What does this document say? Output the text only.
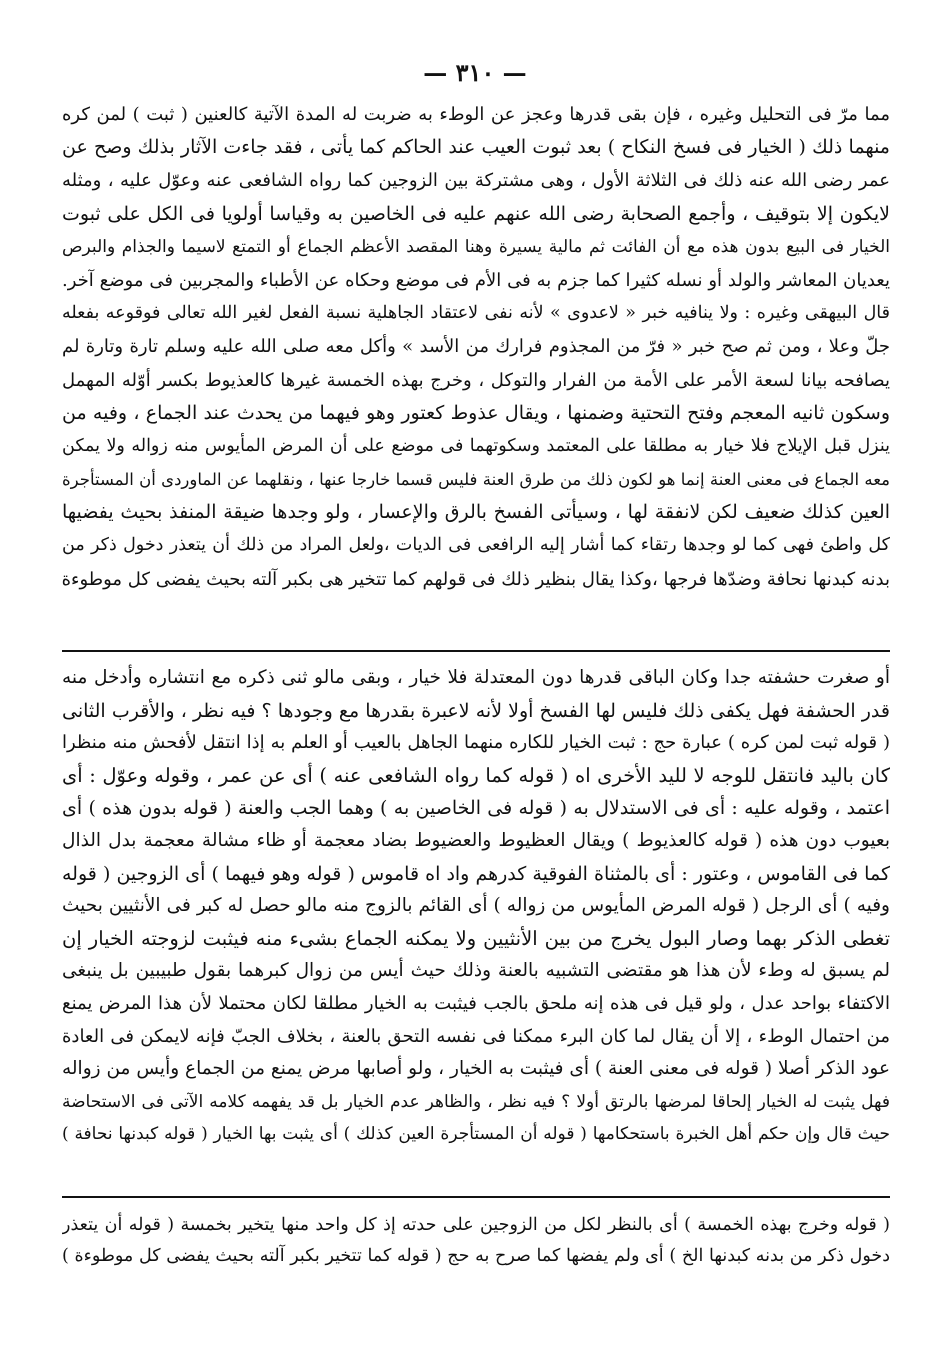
— ٣١٠ —
مما مرّ فى التحليل وغيره ، فإن بقى قدرها وعجز عن الوطء به ضربت له المدة الآتية كالعنين ( ثبت ) لمن كره
منهما ذلك ( الخيار فى فسخ النكاح ) بعد ثبوت العيب عند الحاكم كما يأتى ، فقد جاءت الآثار بذلك وصح عن
عمر رضى الله عنه ذلك فى الثلاثة الأول ، وهى مشتركة بين الزوجين كما رواه الشافعى عنه وعوّل عليه ، ومثله
لايكون إلا بتوقيف ، وأجمع الصحابة رضى الله عنهم عليه فى الخاصين به وقياسا أولويا فى الكل على ثبوت
الخيار فى البيع بدون هذه مع أن الفائت ثم مالية يسيرة وهنا المقصد الأعظم الجماع أو التمتع لاسيما والجذام والبرص
يعديان المعاشر والولد أو نسله كثيرا كما جزم به فى الأم فى موضع وحكاه عن الأطباء والمجربين فى موضع آخر.
قال البيهقى وغيره : ولا ينافيه خبر « لاعدوى » لأنه نفى لاعتقاد الجاهلية نسبة الفعل لغير الله تعالى فوقوعه بفعله
جلّ وعلا ، ومن ثم صح خبر « فرّ من المجذوم فرارك من الأسد » وأكل معه صلى الله عليه وسلم تارة وتارة لم
يصافحه بيانا لسعة الأمر على الأمة من الفرار والتوكل ، وخرج بهذه الخمسة غيرها كالعذيوط بكسر أوّله المهمل
وسكون ثانيه المعجم وفتح التحتية وضمنها ، ويقال عذوط كعتور وهو فيهما من يحدث عند الجماع ، وفيه من
ينزل قبل الإيلاج فلا خيار به مطلقا على المعتمد وسكوتهما فى موضع على أن المرض المأيوس منه زواله ولا يمكن
معه الجماع فى معنى العنة إنما هو لكون ذلك من طرق العنة فليس قسما خارجا عنها ، ونقلهما عن الماوردى أن المستأجرة
العين كذلك ضعيف لكن لانفقة لها ، وسيأتى الفسخ بالرق والإعسار ، ولو وجدها ضيقة المنفذ بحيث يفضيها
كل واطئ فهى كما لو وجدها رتقاء كما أشار إليه الرافعى فى الديات ،ولعل المراد من ذلك أن يتعذر دخول ذكر من
بدنه كبدنها نحافة وضدّها فرجها ،وكذا يقال بنظير ذلك فى قولهم كما تتخير هى بكبر آلته بحيث يفضى كل موطوءة
أو صغرت حشفته جدا وكان الباقى قدرها دون المعتدلة فلا خيار ، وبقى مالو ثنى ذكره مع انتشاره وأدخل منه
قدر الحشفة فهل يكفى ذلك فليس لها الفسخ أولا لأنه لاعبرة بقدرها مع وجودها ؟ فيه نظر ، والأقرب الثانى
( قوله ثبت لمن كره ) عبارة حج : ثبت الخيار للكاره منهما الجاهل بالعيب أو العلم به إذا انتقل لأفحش منه منظرا
كان باليد فانتقل للوجه لا لليد الأخرى اه ( قوله كما رواه الشافعى عنه ) أى عن عمر ، وقوله وعوّل : أى
اعتمد ، وقوله عليه : أى فى الاستدلال به ( قوله فى الخاصين به ) وهما الجب والعنة ( قوله بدون هذه ) أى
بعيوب دون هذه ( قوله كالعذيوط ) ويقال العظيوط والعضيوط بضاد معجمة أو ظاء مشالة معجمة بدل الذال
كما فى القاموس ، وعتور : أى بالمثناة الفوقية كدرهم واد اه قاموس ( قوله وهو فيهما ) أى الزوجين ( قوله
وفيه ) أى الرجل ( قوله المرض المأيوس من زواله ) أى القائم بالزوج منه مالو حصل له كبر فى الأنثيين بحيث
تغطى الذكر بهما وصار البول يخرج من بين الأنثيين ولا يمكنه الجماع بشىء منه فيثبت لزوجته الخيار إن
لم يسبق له وطء لأن هذا هو مقتضى التشبيه بالعنة وذلك حيث أيس من زوال كبرهما بقول طبيبين بل ينبغى
الاكتفاء بواحد عدل ، ولو قيل فى هذه إنه ملحق بالجب فيثبت به الخيار مطلقا لكان محتملا لأن هذا المرض يمنع
من احتمال الوطء ، إلا أن يقال لما كان البرء ممكنا فى نفسه التحق بالعنة ، بخلاف الجبّ فإنه لايمكن فى العادة
عود الذكر أصلا ( قوله فى معنى العنة ) أى فيثبت به الخيار ، ولو أصابها مرض يمنع من الجماع وأيس من زواله
فهل يثبت له الخيار إلحاقا لمرضها بالرتق أولا ؟ فيه نظر ، والظاهر عدم الخيار بل قد يفهمه كلامه الآتى فى الاستحاضة
حيث قال وإن حكم أهل الخبرة باستحكامها ( قوله أن المستأجرة العين كذلك ) أى يثبت بها الخيار ( قوله كبدنها نحافة )
( قوله وخرج بهذه الخمسة ) أى بالنظر لكل من الزوجين على حدته إذ كل واحد منها يتخير بخمسة ( قوله أن يتعذر
دخول ذكر من بدنه كبدنها الخ ) أى ولم يفضها كما صرح به حج ( قوله كما تتخير بكبر آلته بحيث يفضى كل موطوءة )
